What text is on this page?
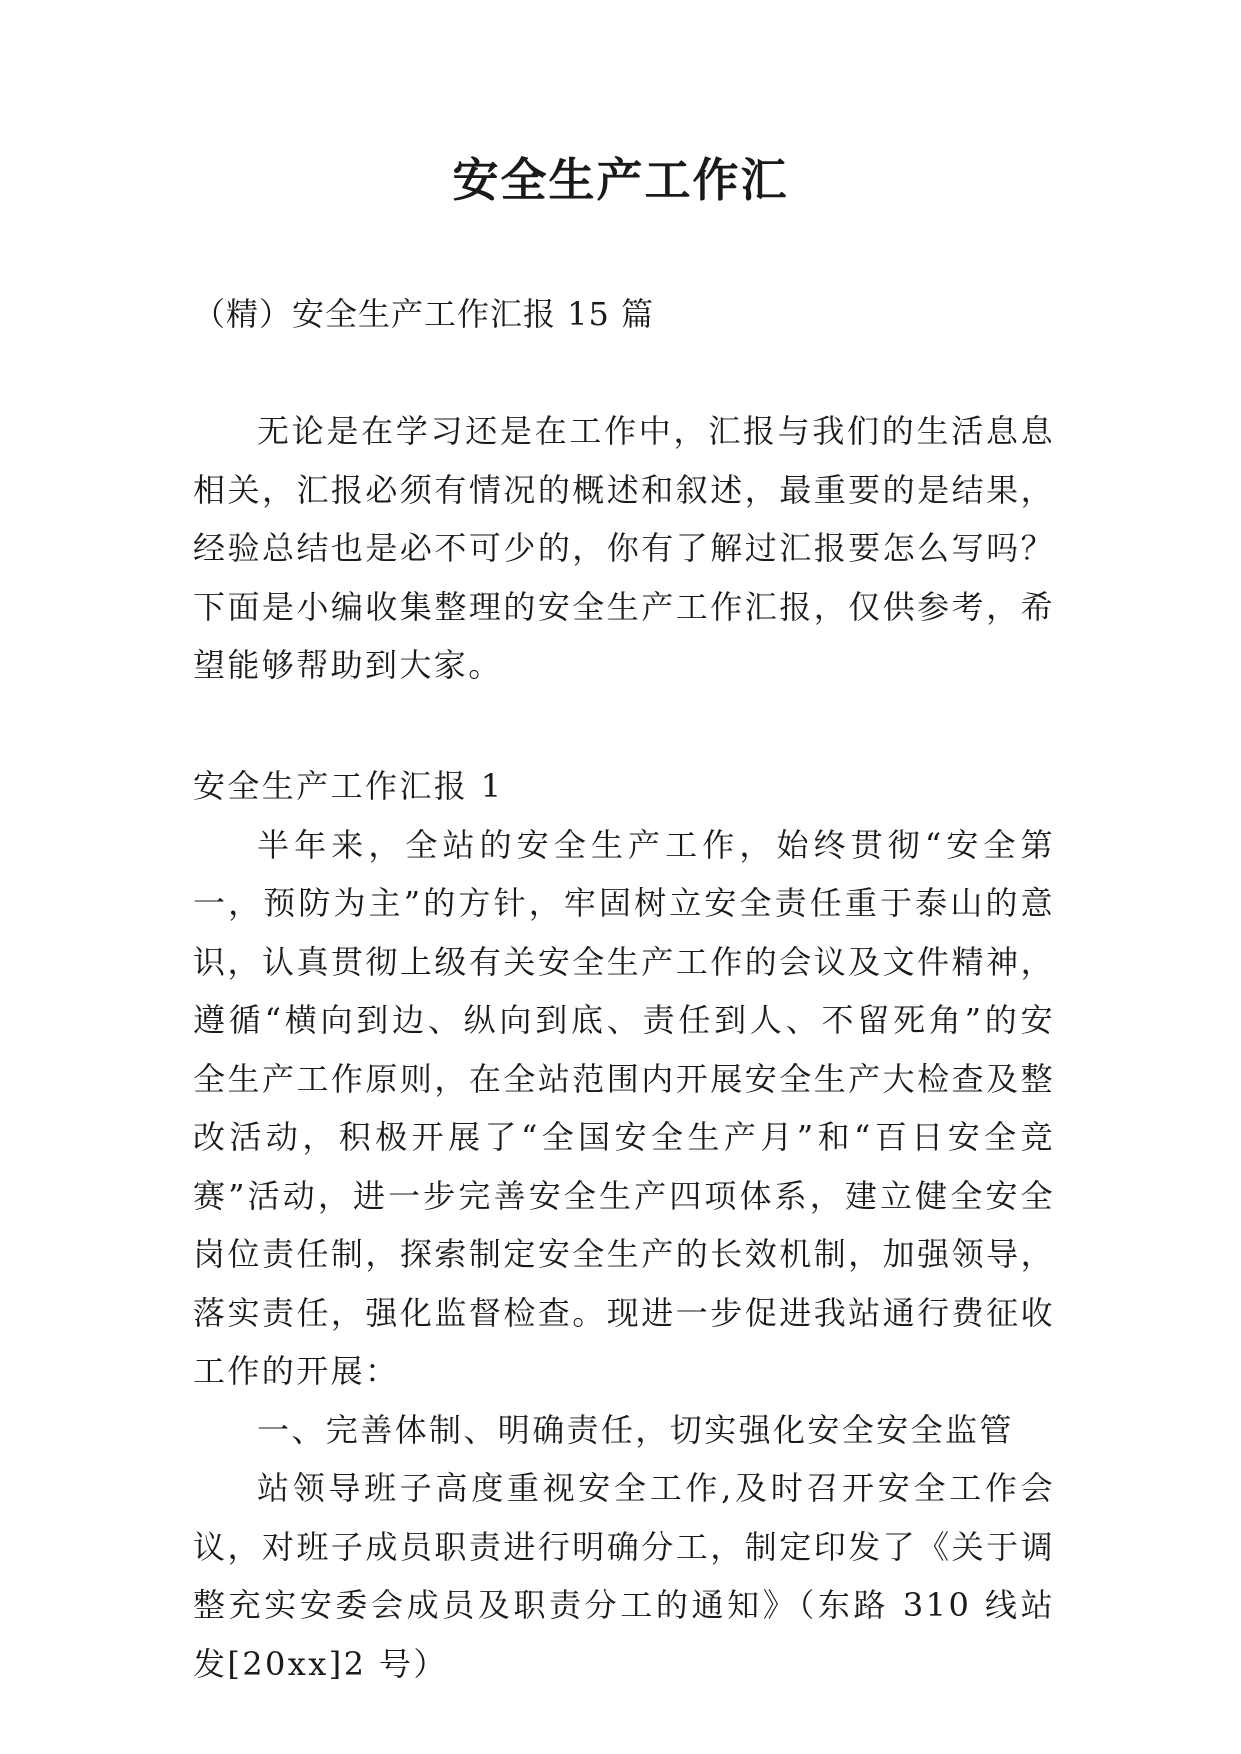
安全生产工作汇
（精）安全生产工作汇报 15 篇

无论是在学习还是在工作中，汇报与我们的生活息息相关，汇报必须有情况的概述和叙述，最重要的是结果，经验总结也是必不可少的，你有了解过汇报要怎么写吗？下面是小编收集整理的安全生产工作汇报，仅供参考，希望能够帮助到大家。

安全生产工作汇报 1

半年来，全站的安全生产工作，始终贯彻“安全第一，预防为主”的方针，牢固树立安全责任重于泰山的意识，认真贯彻上级有关安全生产工作的会议及文件精神，遵循“横向到边、纵向到底、责任到人、不留死角”的安全生产工作原则，在全站范围内开展安全生产大检查及整改活动，积极开展了“全国安全生产月”和“百日安全竞赛”活动，进一步完善安全生产四项体系，建立健全安全岗位责任制，探索制定安全生产的长效机制，加强领导，落实责任，强化监督检查。现进一步促进我站通行费征收工作的开展：

一、完善体制、明确责任，切实强化安全安全监管

站领导班子高度重视安全工作,及时召开安全工作会议，对班子成员职责进行明确分工，制定印发了《关于调整充实安委会成员及职责分工的通知》（东路 310 线站发[20xx]2 号）
